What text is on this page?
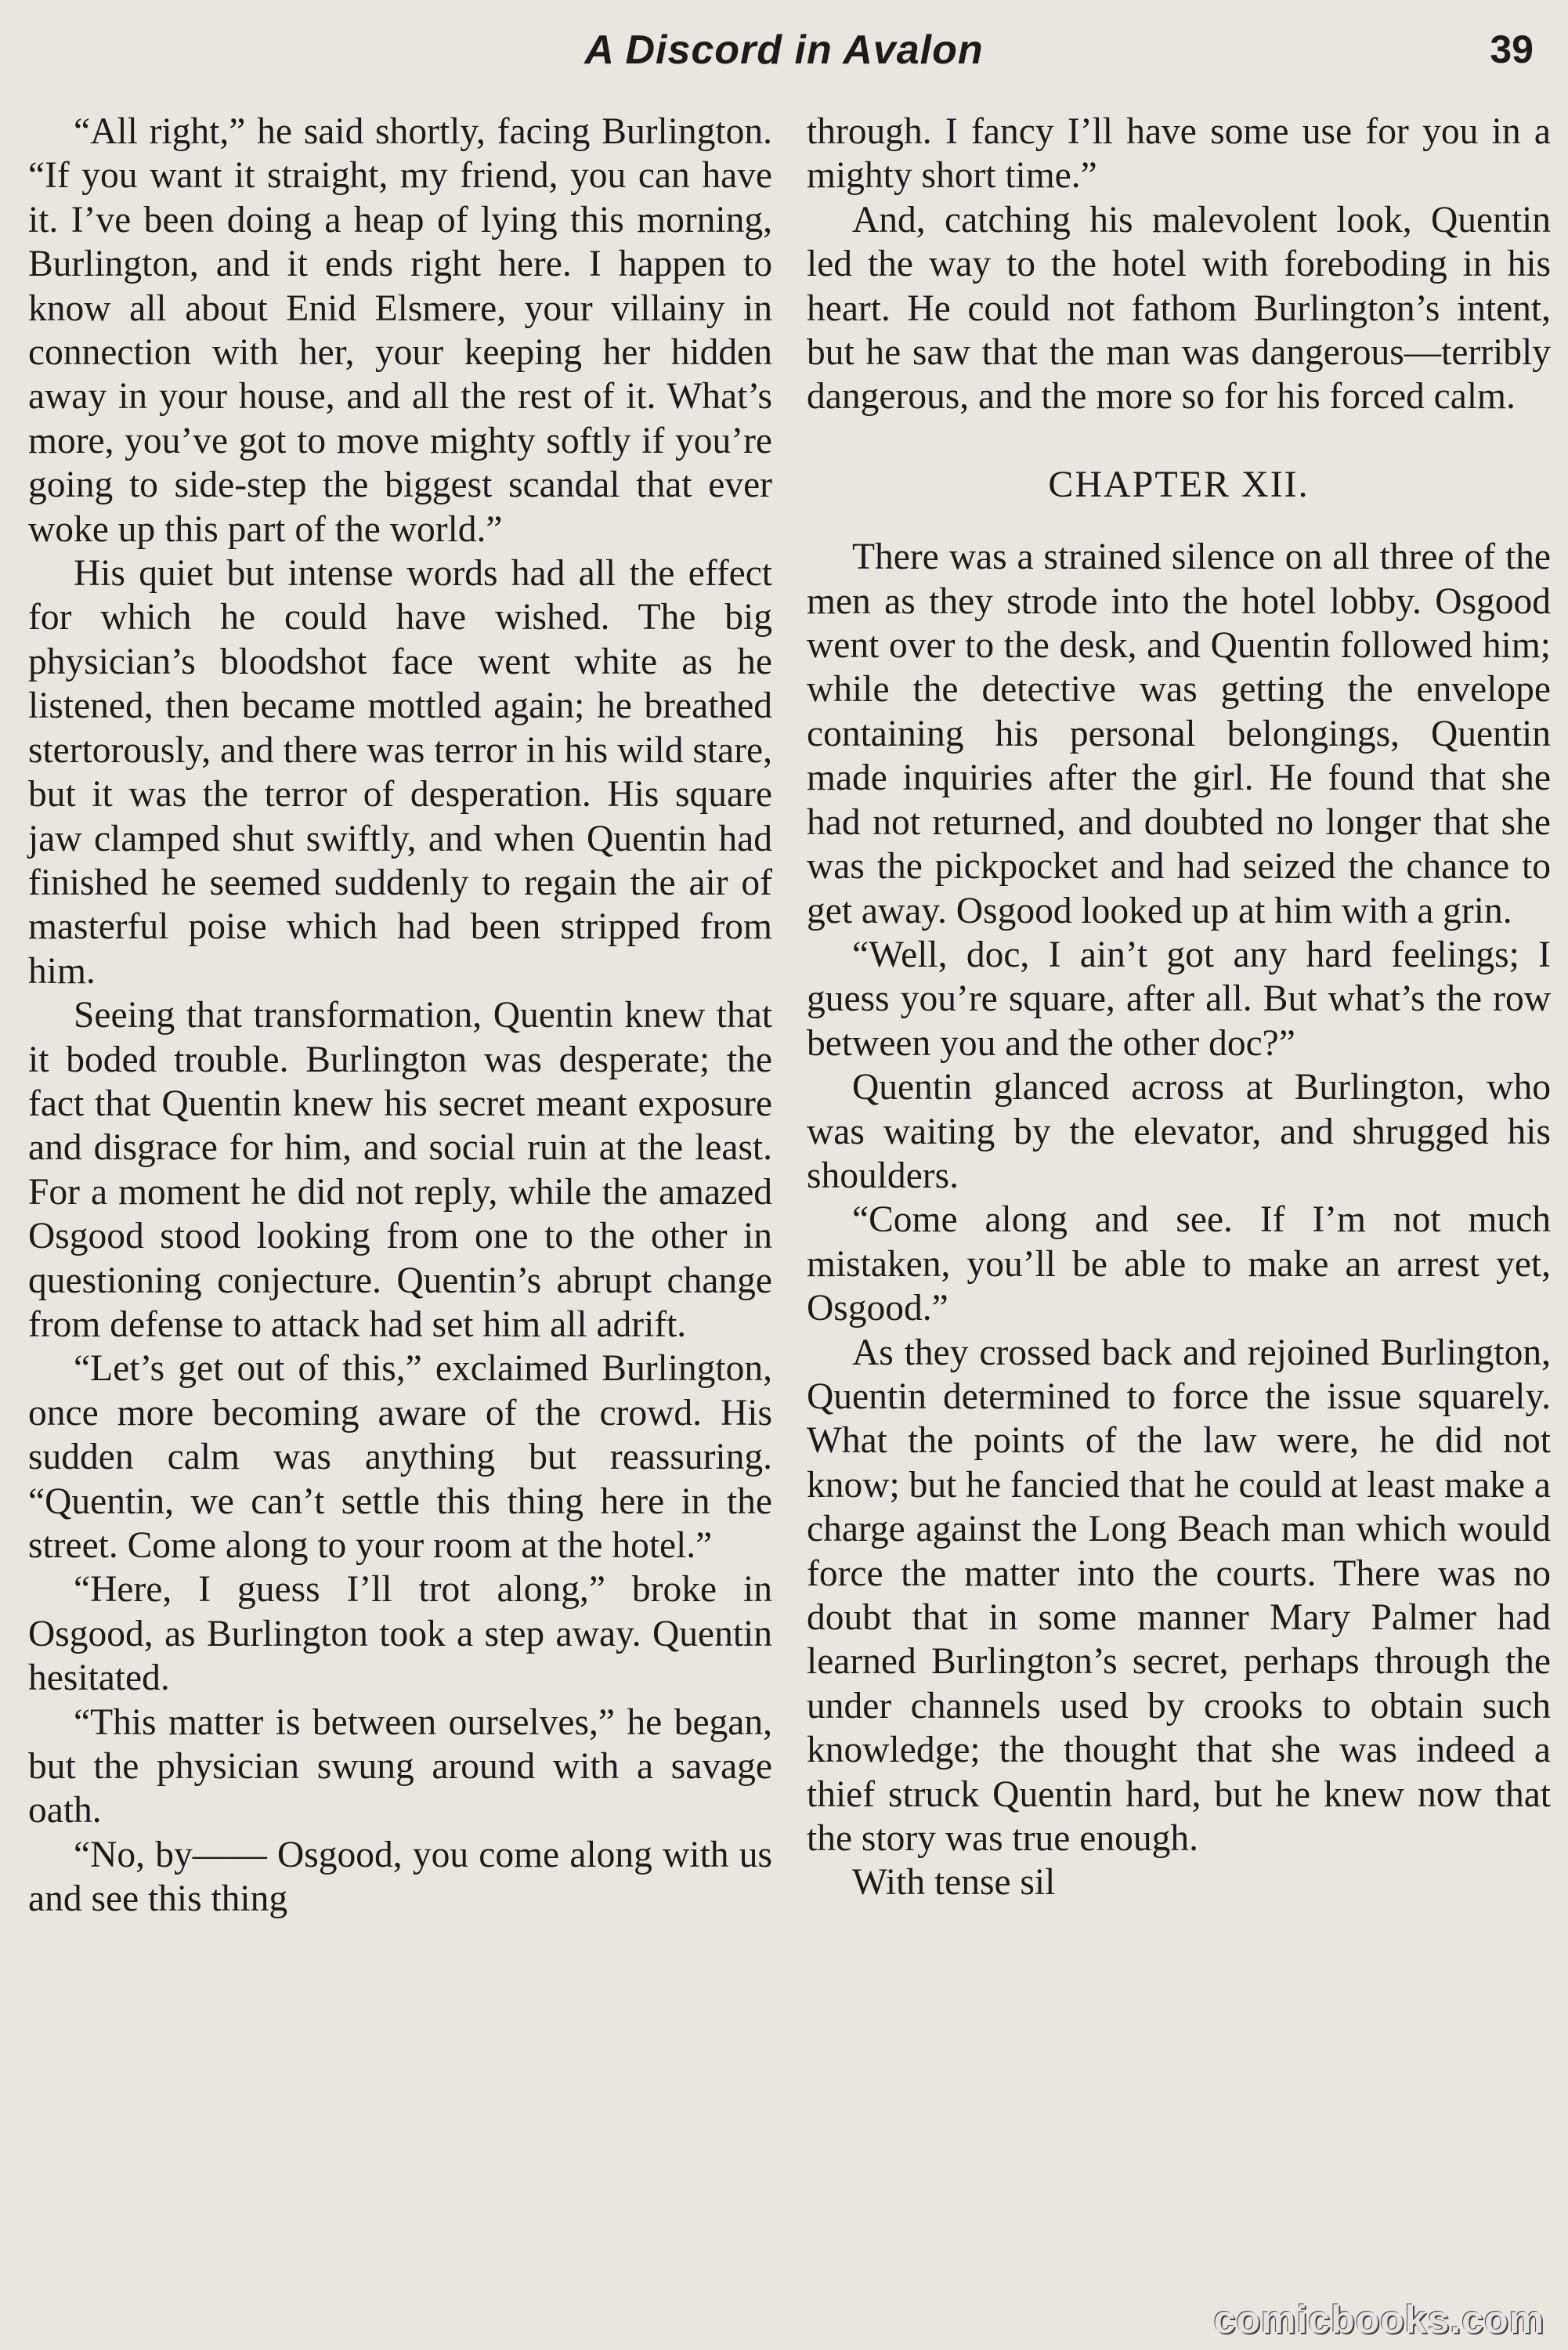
A Discord in Avalon	39

“All right,” he said shortly, facing Burlington. “If you want it straight, my friend, you can have it. I’ve been doing a heap of lying this morning, Burlington, and it ends right here. I happen to know all about Enid Elsmere, your villainy in connection with her, your keeping her hidden away in your house, and all the rest of it. What’s more, you’ve got to move mighty softly if you’re going to side-step the biggest scandal that ever woke up this part of the world.”

His quiet but intense words had all the effect for which he could have wished. The big physician’s bloodshot face went white as he listened, then became mottled again; he breathed stertorously, and there was terror in his wild stare, but it was the terror of desperation. His square jaw clamped shut swiftly, and when Quentin had finished he seemed suddenly to regain the air of masterful poise which had been stripped from him.

Seeing that transformation, Quentin knew that it boded trouble. Burlington was desperate; the fact that Quentin knew his secret meant exposure and disgrace for him, and social ruin at the least. For a moment he did not reply, while the amazed Osgood stood looking from one to the other in questioning conjecture. Quentin’s abrupt change from defense to attack had set him all adrift.

“Let’s get out of this,” exclaimed Burlington, once more becoming aware of the crowd. His sudden calm was anything but reassuring. “Quentin, we can’t settle this thing here in the street. Come along to your room at the hotel.”

“Here, I guess I’ll trot along,” broke in Osgood, as Burlington took a step away. Quentin hesitated.

“This matter is between ourselves,” he began, but the physician swung around with a savage oath.

“No, by—— Osgood, you come along with us and see this thing

through. I fancy I’ll have some use for you in a mighty short time.”

And, catching his malevolent look, Quentin led the way to the hotel with foreboding in his heart. He could not fathom Burlington’s intent, but he saw that the man was dangerous—terribly dangerous, and the more so for his forced calm.

CHAPTER XII.

There was a strained silence on all three of the men as they strode into the hotel lobby. Osgood went over to the desk, and Quentin followed him; while the detective was getting the envelope containing his personal belongings, Quentin made inquiries after the girl. He found that she had not returned, and doubted no longer that she was the pickpocket and had seized the chance to get away. Osgood looked up at him with a grin.

“Well, doc, I ain’t got any hard feelings; I guess you’re square, after all. But what’s the row between you and the other doc?”

Quentin glanced across at Burlington, who was waiting by the elevator, and shrugged his shoulders.

“Come along and see. If I’m not much mistaken, you’ll be able to make an arrest yet, Osgood.”

As they crossed back and rejoined Burlington, Quentin determined to force the issue squarely. What the points of the law were, he did not know; but he fancied that he could at least make a charge against the Long Beach man which would force the matter into the courts. There was no doubt that in some manner Mary Palmer had learned Burlington’s secret, perhaps through the under channels used by crooks to obtain such knowledge; the thought that she was indeed a thief struck Quentin hard, but he knew now that the story was true enough.

With tense sil

comicbooks.com
